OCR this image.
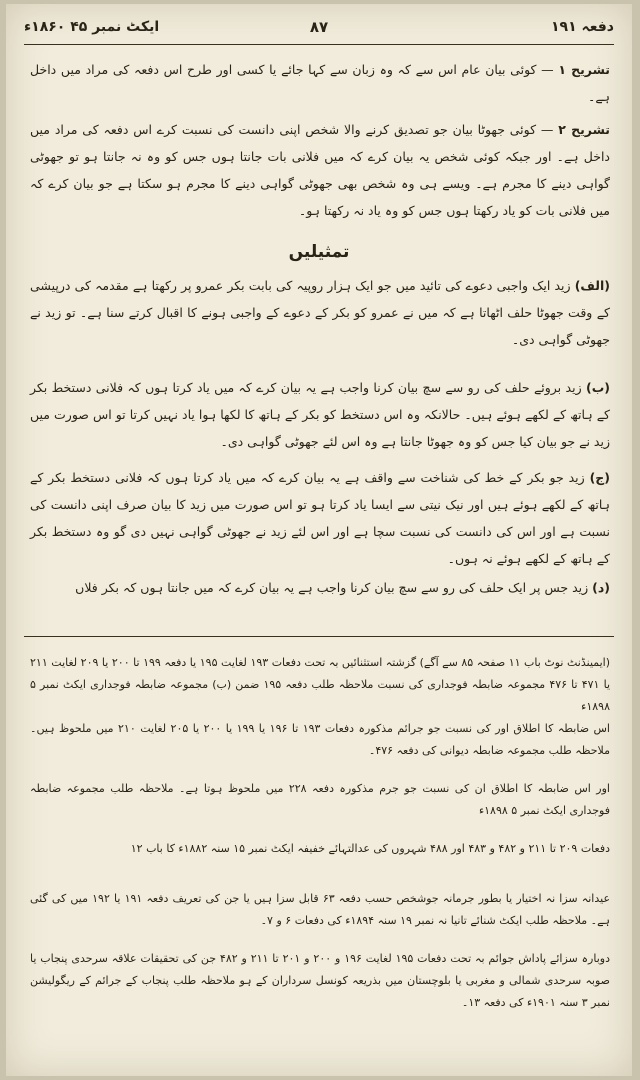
دفعہ ۱۹۱
۸۷
ایکٹ نمبر ۴۵ ۱۸۶۰ء
تشریح ۱ — کوئی بیان عام اس سے کہ وہ زبان سے کہا جائے یا کسی اور طرح اس دفعہ کی مراد میں داخل ہے۔
تشریح ۲ — کوئی جھوٹا بیان جو تصدیق کرنے والا شخص اپنی دانست کی نسبت کرے اس دفعہ کی مراد میں داخل ہے۔ اور جبکہ کوئی شخص یہ بیان کرے کہ میں فلانی بات جانتا ہوں جس کو وہ نہ جانتا ہو تو جھوٹی گواہی دینے کا مجرم ہے۔ ویسے ہی وہ شخص بھی جھوٹی گواہی دینے کا مجرم ہو سکتا ہے جو بیان کرے کہ میں فلانی بات کو یاد رکھتا ہوں جس کو وہ یاد نہ رکھتا ہو۔
تمثیلیں
(الف) زید ایک واجبی دعوے کی تائید میں جو ایک ہزار روپیہ کی بابت بکر عمرو پر رکھتا ہے مقدمہ کی درپیشی کے وقت جھوٹا حلف اٹھاتا ہے کہ میں نے عمرو کو بکر کے دعوے کے واجبی ہونے کا اقبال کرتے سنا ہے۔ تو زید نے جھوٹی گواہی دی۔
(ب) زید بروئے حلف کی رو سے سچ بیان کرنا واجب ہے یہ بیان کرے کہ میں یاد کرتا ہوں کہ فلانی دستخط بکر کے ہاتھ کے لکھے ہوئے ہیں۔ حالانکہ وہ اس دستخط کو بکر کے ہاتھ کا لکھا ہوا یاد نہیں کرتا تو اس صورت میں زید نے جو بیان کیا جس کو وہ جھوٹا جانتا ہے وہ اس لئے جھوٹی گواہی دی۔
(ج) زید جو بکر کے خط کی شناخت سے واقف ہے یہ بیان کرے کہ میں یاد کرتا ہوں کہ فلانی دستخط بکر کے ہاتھ کے لکھے ہوئے ہیں اور نیک نیتی سے ایسا یاد کرتا ہو تو اس صورت میں زید کا بیان صرف اپنی دانست کی نسبت ہے اور اس کی دانست کی نسبت سچا ہے اور اس لئے زید نے جھوٹی گواہی نہیں دی گو وہ دستخط بکر کے ہاتھ کے لکھے ہوئے نہ ہوں۔
(د) زید جس پر ایک حلف کی رو سے سچ بیان کرنا واجب ہے یہ بیان کرے کہ میں جانتا ہوں کہ بکر فلاں
(ایمینڈنٹ نوٹ باب ۱۱ صفحہ ۸۵ سے آگے) گزشتہ استثنائیں بہ تحت دفعات ۱۹۳ لغایت ۱۹۵ یا دفعہ ۱۹۹ تا ۲۰۰ یا ۲۰۹ لغایت ۲۱۱ یا ۴۷۱ تا ۴۷۶ مجموعہ ضابطہ فوجداری کی نسبت ملاحظہ طلب دفعہ ۱۹۵ ضمن (ب) مجموعہ ضابطہ فوجداری ایکٹ نمبر ۵ ۱۸۹۸ء
اس ضابطہ کا اطلاق اور کی نسبت جو جرائم مذکورہ دفعات ۱۹۳ تا ۱۹۶ یا ۱۹۹ یا ۲۰۰ یا ۲۰۵ لغایت ۲۱۰ میں ملحوظ ہیں۔ ملاحظہ طلب مجموعہ ضابطہ دیوانی کی دفعہ ۴۷۶۔
اور اس ضابطہ کا اطلاق ان کی نسبت جو جرم مذکورہ دفعہ ۲۲۸ میں ملحوظ ہوتا ہے۔ ملاحظہ طلب مجموعہ ضابطہ فوجداری ایکٹ نمبر ۵ ۱۸۹۸ء
دفعات ۲۰۹ تا ۲۱۱ و ۴۸۲ و ۴۸۳ اور ۴۸۸ شہروں کی عدالتہائے خفیفہ ایکٹ نمبر ۱۵ سنہ ۱۸۸۲ء کا باب ۱۲
عیدانہ سزا نہ اختیار یا بطور جرمانہ جوشخص حسب دفعہ ۶۳ قابل سزا ہیں یا جن کی تعریف دفعہ ۱۹۱ یا ۱۹۲ میں کی گئی ہے۔ ملاحظہ طلب ایکٹ شنائے تانیا نہ نمبر ۱۹ سنہ ۱۸۹۴ء کی دفعات ۶ و ۷۔
دوبارہ سزائے پاداش جوائم بہ تحت دفعات ۱۹۵ لغایت ۱۹۶ و ۲۰۰ و ۲۰۱ تا ۲۱۱ و ۴۸۲ جن کی تحقیقات علاقہ سرحدی پنجاب یا صوبہ سرحدی شمالی و مغربی یا بلوچستان میں بذریعہ کونسل سرداران کے ہو ملاحظہ طلب پنجاب کے جرائم کے ریگولیشن نمبر ۳ سنہ ۱۹۰۱ء کی دفعہ ۱۳۔
